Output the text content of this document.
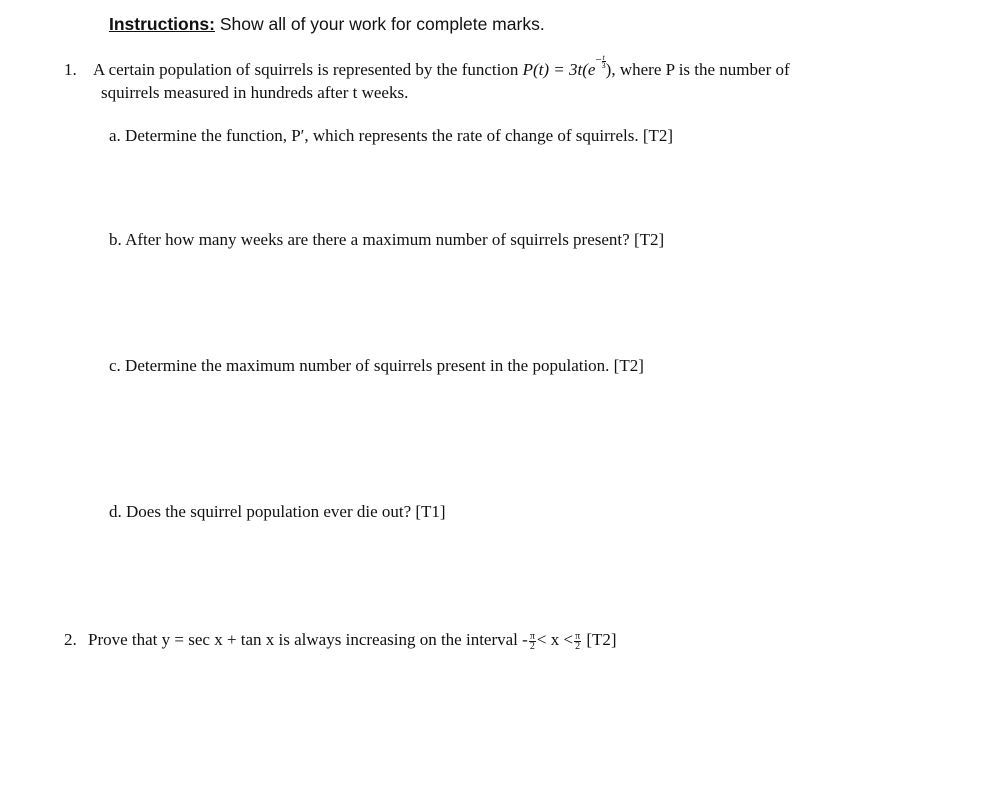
Instructions: Show all of your work for complete marks.
1. A certain population of squirrels is represented by the function $P(t) = 3t(e- \frac{t}{3}$ ), where P is the number of
squirrels measured in hundreds after t weeks.
a. Determine the function, P′, which represents the rate of change of squirrels. [T2]
b. After how many weeks are there a maximum number of squirrels present? [T2]
c. Determine the maximum number of squirrels present in the population. [T2]
d. Does the squirrel population ever die out? [T1]
2. Prove that y = sec x + tan x is always increasing on the interval - $\frac{\pi}{2} < x < \frac{\pi}{2} [T2]$
